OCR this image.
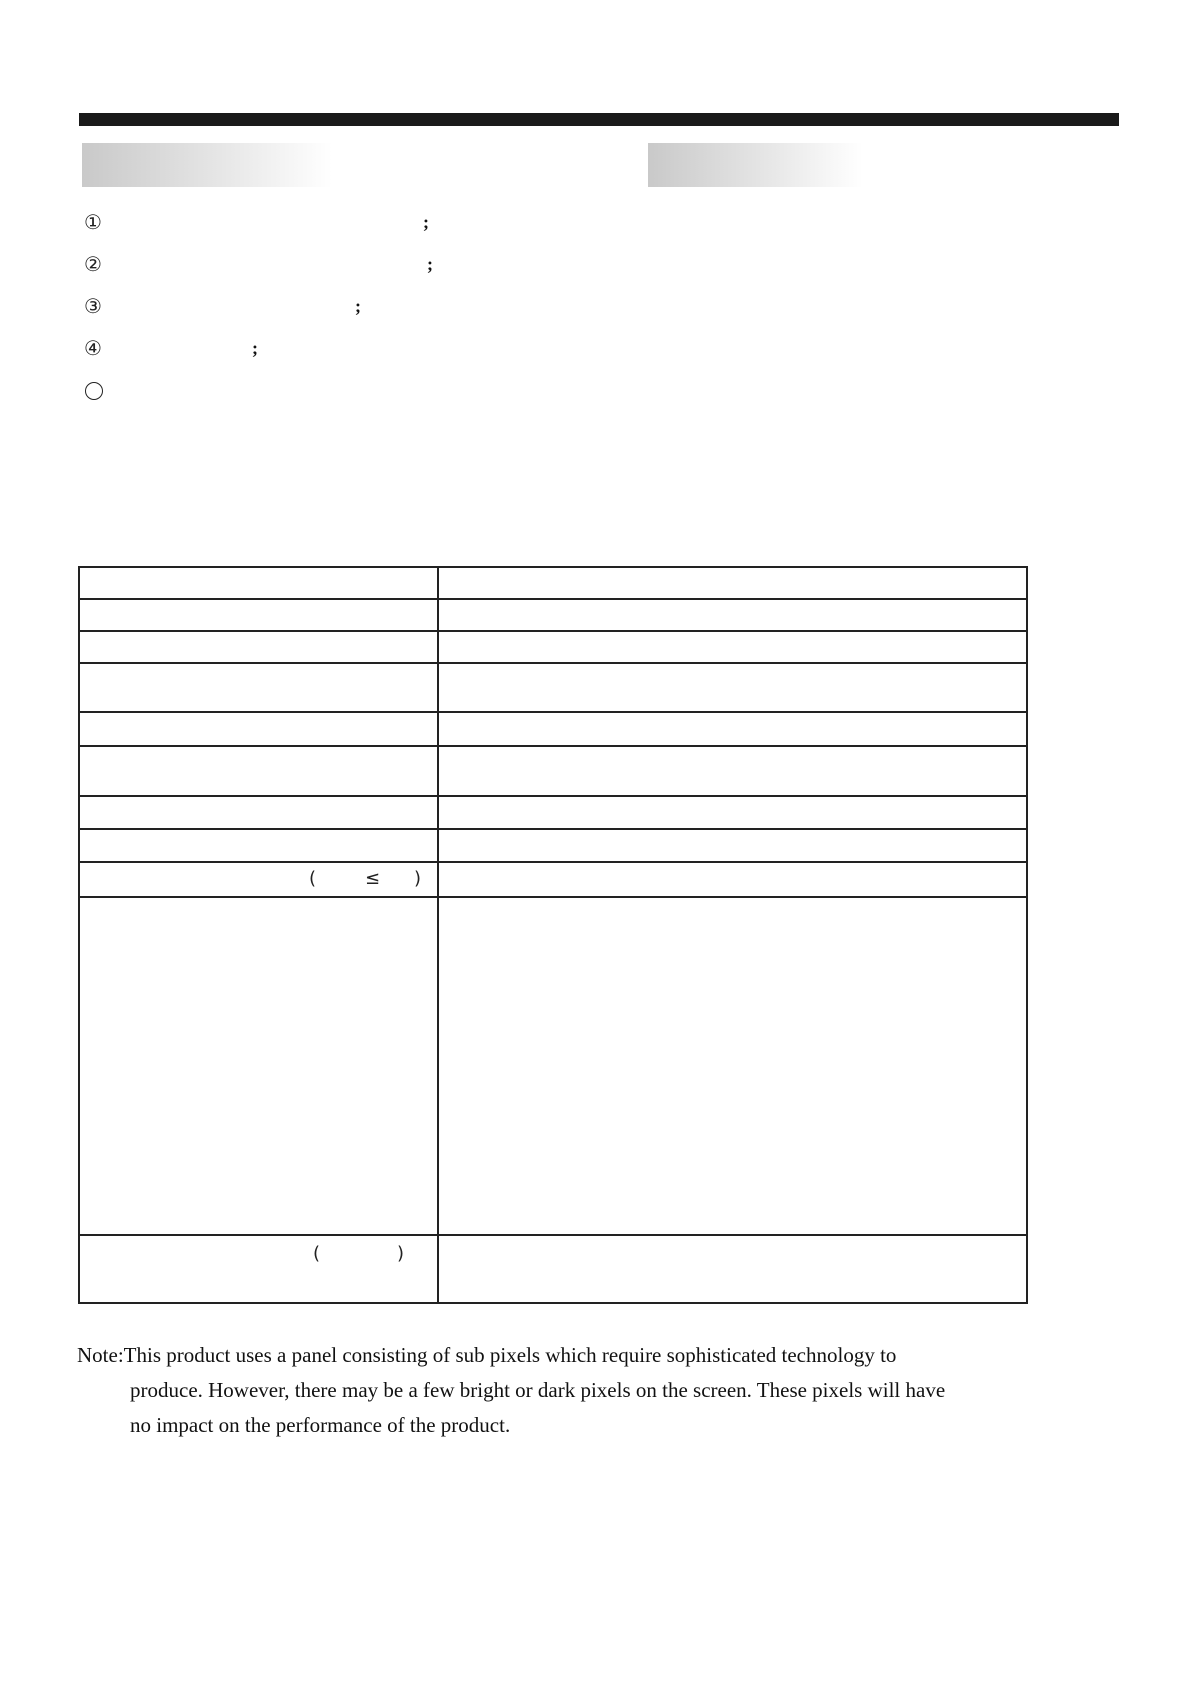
①	;
②	;
③	;
④	;
(	≤ )
(	)

Note:This product uses a panel consisting of sub pixels which require sophisticated technology to

produce. However, there may be a few bright or dark pixels on the screen. These pixels will have

no impact on the performance of the product.
